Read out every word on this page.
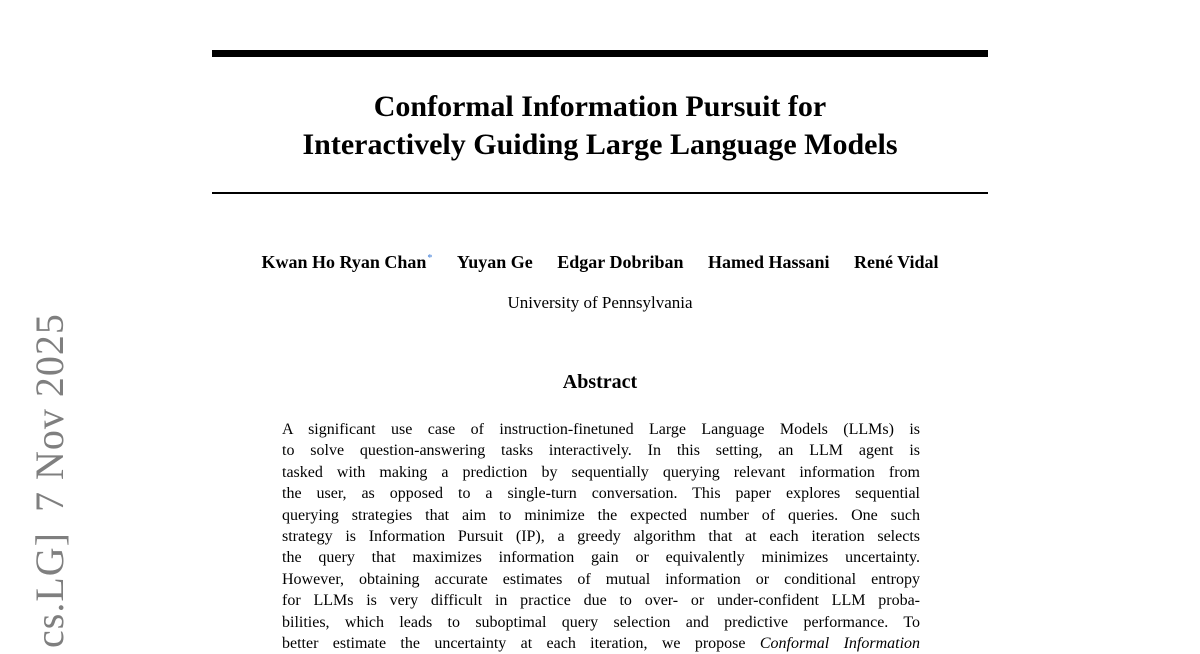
cs.LG]7 Nov 2025
Conformal Information Pursuit for
Interactively Guiding Large Language Models
Kwan Ho Ryan Chan* Yuyan Ge Edgar Dobriban Hamed Hassani René Vidal
University of Pennsylvania
Abstract
A significant use case of instruction-finetuned Large Language Models (LLMs) is
to solve question-answering tasks interactively. In this setting, an LLM agent is
tasked with making a prediction by sequentially querying relevant information from
the user, as opposed to a single-turn conversation. This paper explores sequential
querying strategies that aim to minimize the expected number of queries. One such
strategy is Information Pursuit (IP), a greedy algorithm that at each iteration selects
the query that maximizes information gain or equivalently minimizes uncertainty.
However, obtaining accurate estimates of mutual information or conditional entropy
for LLMs is very difficult in practice due to over- or under-confident LLM proba-
bilities, which leads to suboptimal query selection and predictive performance. To
better estimate the uncertainty at each iteration, we propose Conformal Information
